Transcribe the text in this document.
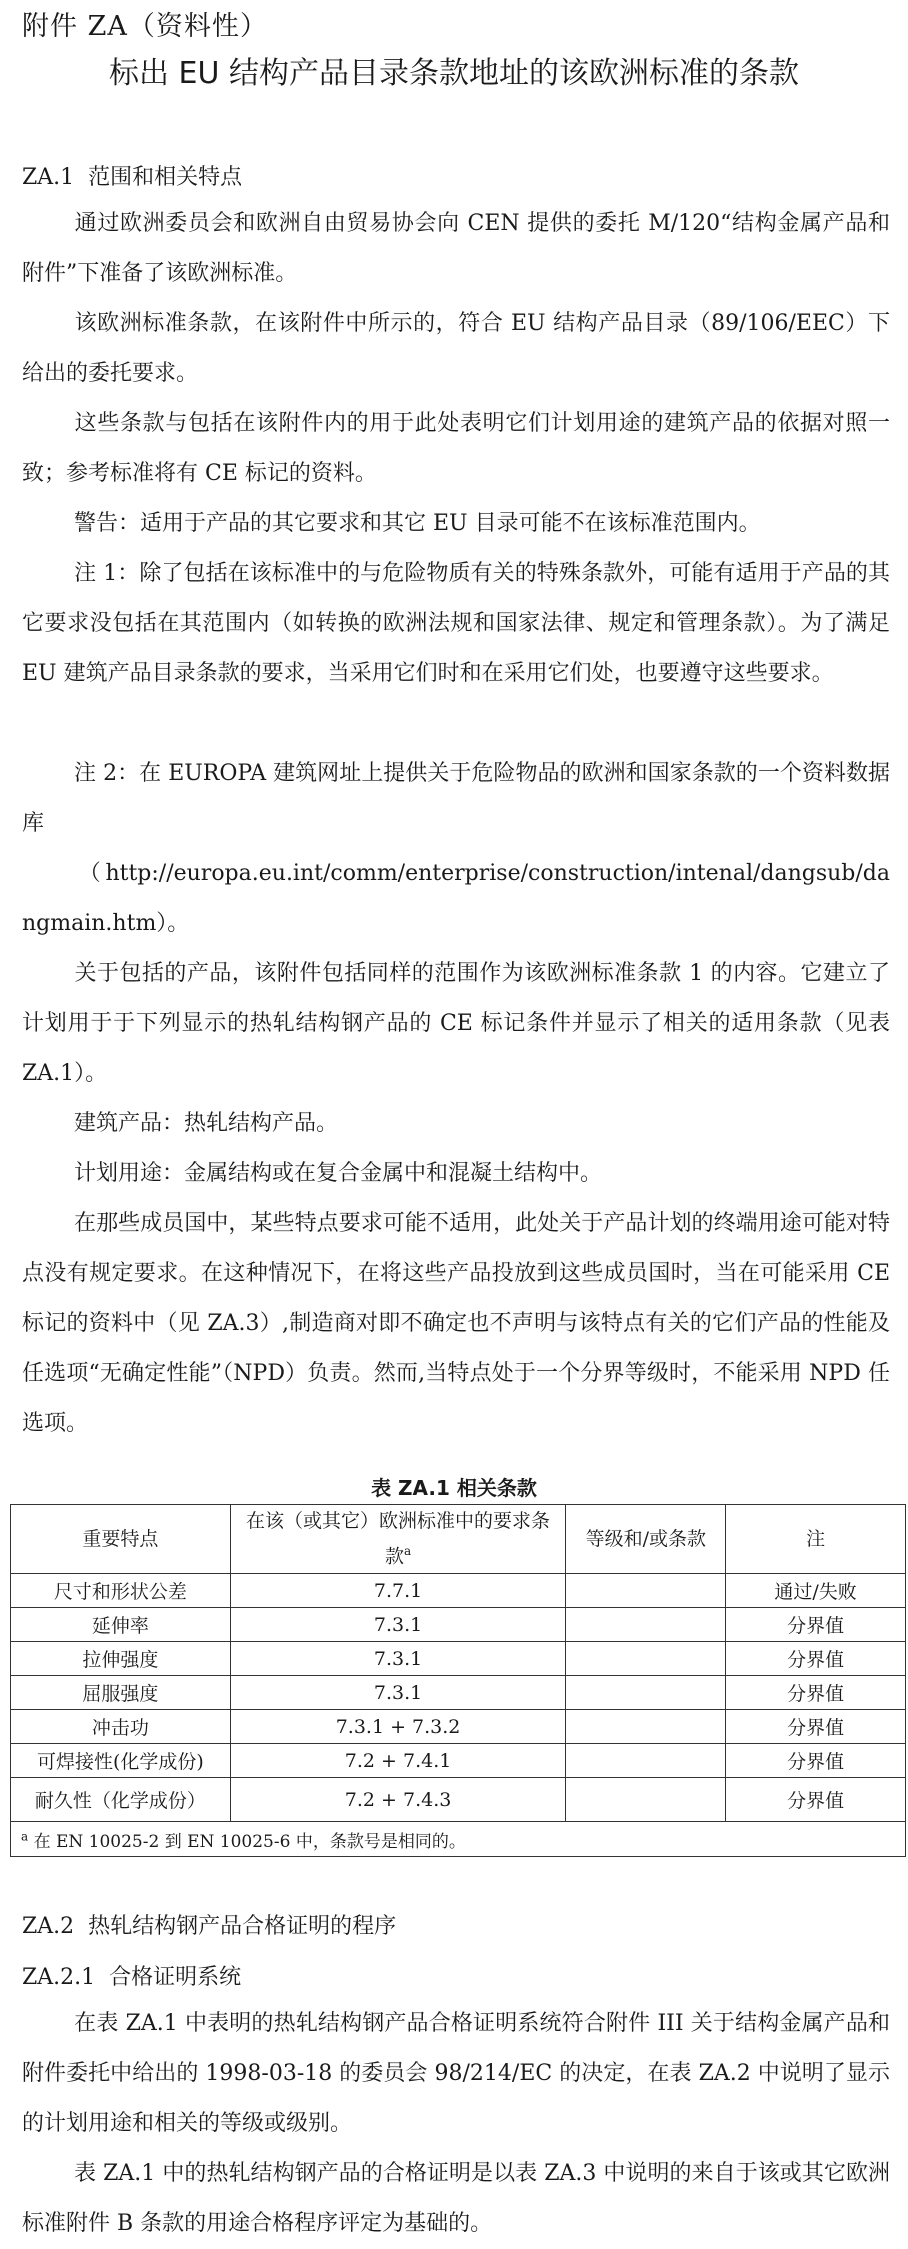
附件 ZA（资料性）
标出 EU 结构产品目录条款地址的该欧洲标准的条款
ZA.1 范围和相关特点

通过欧洲委员会和欧洲自由贸易协会向 CEN 提供的委托 M/120“结构金属产品和附件”下准备了该欧洲标准。

该欧洲标准条款，在该附件中所示的，符合 EU 结构产品目录（89/106/EEC）下给出的委托要求。

这些条款与包括在该附件内的用于此处表明它们计划用途的建筑产品的依据对照一致；参考标准将有 CE 标记的资料。

警告：适用于产品的其它要求和其它 EU 目录可能不在该标准范围内。

注 1：除了包括在该标准中的与危险物质有关的特殊条款外，可能有适用于产品的其它要求没包括在其范围内（如转换的欧洲法规和国家法律、规定和管理条款）。为了满足 EU 建筑产品目录条款的要求，当采用它们时和在采用它们处，也要遵守这些要求。

注 2：在 EUROPA 建筑网址上提供关于危险物品的欧洲和国家条款的一个资料数据库

（http://europa.eu.int/comm/enterprise/construction/intenal/dangsub/dangmain.htm）。

关于包括的产品，该附件包括同样的范围作为该欧洲标准条款 1 的内容。它建立了计划用于于下列显示的热轧结构钢产品的 CE 标记条件并显示了相关的适用条款（见表 ZA.1）。

建筑产品：热轧结构产品。

计划用途：金属结构或在复合金属中和混凝土结构中。

在那些成员国中，某些特点要求可能不适用，此处关于产品计划的终端用途可能对特点没有规定要求。在这种情况下，在将这些产品投放到这些成员国时，当在可能采用 CE 标记的资料中（见 ZA.3）,制造商对即不确定也不声明与该特点有关的它们产品的性能及任选项“无确定性能”（NPD）负责。然而,当特点处于一个分界等级时，不能采用 NPD 任选项。

表 ZA.1 相关条款
重要特点	在该（或其它）欧洲标准中的要求条款$^a$	等级和/或条款	注
尺寸和形状公差	7.7.1		通过/失败
延伸率	7.3.1		分界值
拉伸强度	7.3.1		分界值
屈服强度	7.3.1		分界值
冲击功	7.3.1 + 7.3.2		分界值
可焊接性(化学成份)	7.2 + 7.4.1		分界值
耐久性（化学成份）	7.2 + 7.4.3		分界值
$^a$ 在 EN 10025-2 到 EN 10025-6 中，条款号是相同的。			
ZA.2 热轧结构钢产品合格证明的程序
ZA.2.1 合格证明系统

在表 ZA.1 中表明的热轧结构钢产品合格证明系统符合附件 III 关于结构金属产品和附件委托中给出的 1998-03-18 的委员会 98/214/EC 的决定，在表 ZA.2 中说明了显示的计划用途和相关的等级或级别。

表 ZA.1 中的热轧结构钢产品的合格证明是以表 ZA.3 中说明的来自于该或其它欧洲标准附件 B 条款的用途合格程序评定为基础的。
